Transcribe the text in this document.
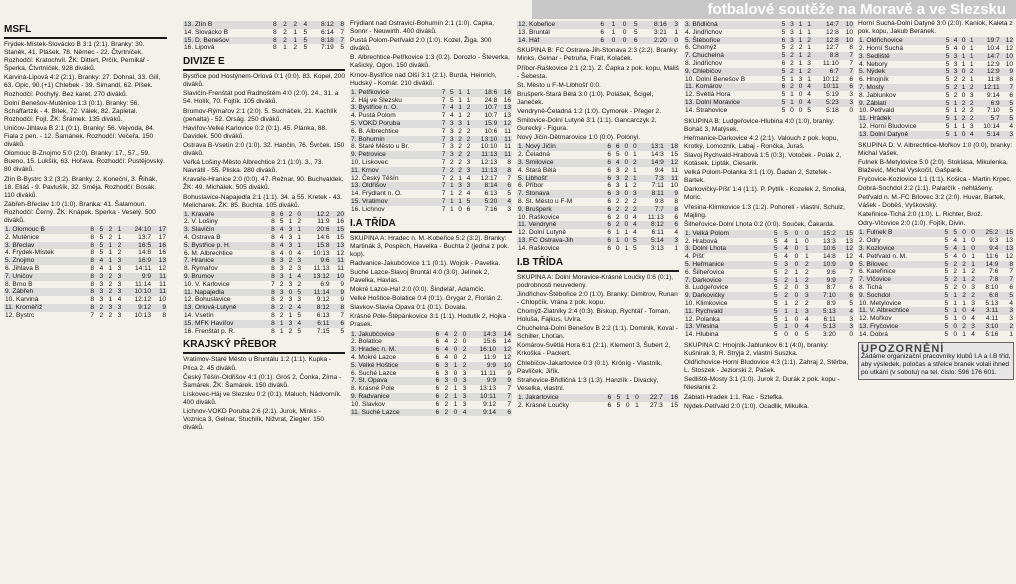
fotbalové soutěže na Moravě a ve Slezsku
MSFL

Frýdek-Místek-Slovácko B 3:1 (2:1). Branky: 30. Staněk, 41. Plášek, 78. Němec - 22. Čtvrtníček. Rozhodčí: Kratochvíl. ŽK: Dittert, Prčík, Pernikář - Šperka, Čtvrtníček. 928 diváků.

Karviná-Lipová 4:2 (2:1). Branky: 27. Dohnal, 33. Gill, 63. Opic, 90.(+1) Chlebek - 39. Simandl, 62. Plšek. Rozhodčí: Pochylý. Bez karet. 270 diváků.

Dolní Benešov-Mutěnice 1:3 (0:1). Branky: 56. Schaffartzik - 4. Bílek, 72. Válek, 82. Zapletal. Rozhodčí: Fojt. ŽK: Šrámek. 135 diváků.

Uničov-Jihlava B 2:1 (0:1). Branky: 56. Vejvoda, 84. Fiala z pen. - 12. Šamánek. Rozhodčí: Večeřa. 150 diváků.

Olomouc B-Znojmo 5:0 (2:0). Branky: 17., 57., 59. Bueno, 15. Lukšík, 63. Hořava. Rozhodčí: Pustějovský. 80 diváků.

Zlín B-Bystrc 3:2 (3:2). Branky: 2. Koneční, 3. Řihák, 18. Eliáš - 9. Pavlušík, 32. Směja. Rozhodčí: Bosák. 110 diváků.

Zábřeh-Břeclav 1:0 (1:0). Branka: 41. Šalamoun. Rozhodčí: Černý. ŽK: Knápek. Sperka - Veselý. 500 diváků.

1. Olomouc B	8	5	2	1	24:10	17
2. Mutěnice	8	5	2	1	13:7	17
3. Břeclav	8	5	1	2	16:5	16
4. Frýdek-Místek	8	5	1	2	14:8	16
5. Znojmo	8	4	1	3	16:9	13
6. Jihlava B	8	4	1	3	14:11	12
7. Uničov	8	3	2	3	9:9	11
8. Brno B	8	3	2	3	11:14	11
9. Zábřeh	8	3	2	3	10:10	11
10. Karviná	8	3	1	4	12:12	10
11. Kroměříž	8	2	3	3	9:12	9
12. Bystrc	7	2	2	3	10:13	8
13. Zlín B	8	2	2	4	8:12	8
14. Slovácko B	8	2	1	5	6:14	7
15. D. Benešov	8	2	1	5	8:18	7
16. Lipová	8	1	2	5	7:19	5
DIVIZE E

Bystřice pod Hostýnem-Orlová 0:1 (0:0). 83. Kopel, 200 diváků.

Slavičín-Frenštát pod Radhoštěm 4:0 (2:0). 24., 31. a 54. Holík, 70. Fojtík. 105 diváků.

Brumov-Rýmařov 2:1 (2:0). 5. Sucháček, 21. Kachlík (penalta) - 52. Orság. 250 diváků.

Havířov-Velké Karlovice 0:2 (0:1). 45. Plánka, 88. Davidek. 500 diváků.

Ostrava B-Vsetín 2:0 (1:0). 32. Hančin, 76. Švrček. 150 diváků.

Veřká Lošiny-Město Albrechtice 2:1 (1:0). 3., 73. Navrátil - 55. Pliska. 280 diváků.

Kravaře-Hranice 2:0 (0:0). 47. Režnar, 90. Buchvaldek. ŽK: 49. Michálek. 505 diváků.

Bohuslavice-Napajedla 2:1 (1:1). 34. a 55. Kretek - 43. Melicharek. ŽK: 85. Buchta. 105 diváků.

1. Kravaře	8	6	2	0	12:2	20
2. V. Lošiny	8	5	1	2	11:9	16
3. Slavičín	8	4	3	1	20:6	15
4. Ostrava B	8	4	3	1	14:6	15
5. Bystřice p. H.	8	4	3	1	15:8	13
6. M. Albrechtice	8	4	0	4	10:13	12
7. Hranice	8	3	2	3	9:6	11
8. Rýmařov	8	3	2	3	11:13	11
9. Brumov	8	3	1	4	13:12	10
10. V. Karlovice	7	2	3	2	6:9	9
11. Napajedla	8	3	0	5	11:14	9
12. Bohuslavice	8	2	3	3	9:12	9
13. Orlová-Lutyně	8	2	2	4	8:12	8
14. Vsetín	8	2	1	5	6:13	7
15. MFK Havířov	8	1	3	4	6:11	6
16. Frenštát p. R.	8	1	2	5	7:15	5
KRAJSKÝ PŘEBOR

Vratimov-Staré Město u Bruntálu 1:2 (1:1). Kupka - Plíca 2. 45 diváků.

Český Těšín-Oldřišov 4:1 (0:1). Groš 2, Čonka, Zíma - Šamárek. ŽK: Šamárek. 150 diváků.

Lískovec-Háj ve Slezsku 0:2 (0:1). Maluch, Nádvorník. 400 diváků.

Lichnov-VOKD Poruba 2:6 (2:1). Jurok, Minks - Voznica 3, Gelnar, Stuchlík, Nižvrat, Ziegler. 150 diváků.

Frýdlant nad Ostravicí-Bohumín 2:1 (1:0). Čapka, Sonnr - Neuwirth. 400 diváků.

Pustá Polom-Petřvald 2:0 (1:0). Kozel, Žiga. 300 diváků.

B. Albrechtice-Petřkovice 1:3 (0:2). Dorozlo - Števerka, Kašický, Ogon. 150 diváků.

Krnov-Bystřice nad Olší 3:1 (2:1). Burda, Heinrich, Hudský - Komár. 210 diváků.

1. Petřkovice	7	5	1	1	18:6	16
2. Háj ve Slezsku	7	5	1	1	24:8	16
3. Bystřice n. O.	7	4	1	2	10:7	13
4. Pustá Polom	7	4	1	2	10:7	13
5. VOKD Poruba	7	3	3	1	15:9	12
6. B. Albrechtice	7	3	2	2	10:6	11
7. Bohumín	7	3	2	2	13:10	11
8. Staré Město u Br.	7	3	2	2	10:10	11
9. Petrovice	7	3	2	2	11:13	11
10. Lískovec	7	2	2	3	12:13	8
11. Krnov	7	2	2	3	11:13	8
12. Český Těšín	7	2	1	4	12:17	7
13. Oldřišov	7	1	3	3	8:14	6
14. Frýdlant n. O.	7	1	2	4	6:13	5
15. Vratimov	7	1	1	5	5:20	4
16. Lichnov	7	1	0	6	7:16	3
I.A TŘÍDA

SKUPINA A: Hradec n. M.-Kobeřice 5:2 (3:2). Branky: Martinák 3, Pospěch, Havelka - Buchta 2 (jedna z pok. kop).

Radvanice-Jakubčovice 1:1 (0:1). Wojcik - Pavelka.

Suché Lazce-Slavoj Bruntál 4:0 (3:0). Jelínek 2, Pavelka, Havlas.

Mokré Lazce-Ha! 2:0 (0:0). Šindelář, Adamčíc.

Velké Hoštice-Bolatice 0:4 (0:1). Grygar 2, Florián 2.

Slavkov-Slavia Opava 0:1 (0:1). Dovala.

Krásné Pole-Štěpánkovice 3:1 (1:1). Hodulík 2, Hojka - Prasek.

1. Jakubčovice	6	4	2	0	14:3	14
2. Bolatice	6	4	2	0	15:6	14
3. Hradec n. M.	6	4	0	2	16:10	12
4. Mokré Lazce	6	4	0	2	11:9	12
5. Velké Hoštice	6	3	1	2	9:9	10
6. Suché Lazce	6	3	0	3	11:11	9
7. Sl. Opava	6	3	0	3	9:9	9
8. Krásné Pole	6	2	1	3	13:13	7
9. Radvanice	6	2	1	3	10:11	7
10. Slavkov	6	2	1	3	9:12	7
11. Suché Lazce	6	2	0	4	9:14	6
12. Kobeřice	6	1	0	5	8:16	3
13. Bruntál	6	1	0	5	3:21	1
14. Háf	6	0	0	6	2:20	0

SKUPINA B: FC Ostrava-Jih-Stonava 2:3 (2:2). Branky: Minks, Gelnar - Petruňa, Frait, Kolaček.

Příbor-Raškovice 2:1 (2:1). Z. Čapka z pok. kopu, Mališ - Šebesta.

St. Město u F-M-Libhošť 0:0.

Brušperk-Stará Bělá 3:0 (1:0). Polášek, Šcigel, Janeček.

Vendryně-Čeladná 1:2 (1:0). Cymorek - Přeger 2.

Smilovice-Dolní Lutyně 3:1 (1:1). Gancarczyk 2, Gurecký - Figura.

Nový Jičín-Dětmarovice 1:0 (0:0). Polónyi.

1. Nový Jičín	6	6	0	0	13:1	18
2. Čeladná	6	5	0	1	14:3	15
3. Smilovice	6	4	0	2	14:9	12
4. Stará Bělá	6	3	2	1	9:4	11
5. Libhošť	6	3	2	1	7:3	11
6. Příbor	6	3	1	2	7:11	10
7. Stonava	6	3	0	3	8:11	9
8. St. Město u F-M	6	2	2	2	9:8	8
9. Brušperk	6	2	2	2	7:7	8
10. Raškovice	6	2	0	4	11:13	6
11. Vendryně	6	2	0	4	8:12	6
12. Dolní Lutyně	6	1	1	4	6:11	4
13. FC Ostrava-Jih	6	1	0	5	5:14	3
14. Raškovice	6	0	1	5	3:13	1
I.B TŘÍDA

SKUPINA A: Dolní Moravice-Krásné Loučky 0:6 (0:1), podrobnosti neuvedeny.

Jindřichov-Štěbořice 2:0 (1:0). Branky: Dimitrov, Runan - Chlopčík. Vrána z pok. kopu.

Chomýž-Zlatníky 2:4 (0:3). Biskup, Rychtář - Toman, Holuša, Fajkus, Uvíra.

Chuchelná-Dolní Benešov B 2:2 (1:1). Dominik, Koval - Schiller, Lhoťan.

Komárov-Světlá Hora 6:1 (2:1). Klement 3, Šubert 2, Krkoška - Packert.

Chlebičov-Jakartovice 0:3 (0:1). Króníg - Vlastník, Pavlíček, Jiřík.

Strahovice-Břidličná 1:3 (1:3). Hanzlík - Divacký, Veselka, vlastní.

1. Jakartovice	6	5	1	0	22:7	16
2. Krásné Loučky	6	5	0	1	27:3	15
3. Břidličná	5	3	1	1	14:7	10
4. Jindřichov	5	3	1	1	12:8	10
5. Štěbořice	6	3	1	2	12:8	10
6. Chomýž	5	2	2	1	12:7	8
7. Chuchelná	5	2	1	2	8:8	7
8. Jindřichov	6	2	1	3	11:10	7
9. Chlebičov	5	2	1	2	6:7	7
10. Dolní Benešov B	5	1	3	1	10:12	6
11. Komárov	6	2	0	4	10:11	6
12. Světlá Hora	5	1	0	4	5:19	3
13. Dolní Moravice	5	1	0	4	5:23	3
14. Strahovice	5	0	0	5	5:18	0

SKUPINA B: Ludgeřovice-Hlubina 4:0 (1:0), branky: Boháč 3, Matýsek.

Heřmanice-Darkovice 4:2 (2:1). Valouch z pok. kopu, Krotký, Lomozník, Labaj - Rončka, Juraš.

Slavoj Rychvald-Hrabová 1:5 (0:3). Votoček - Polák 2, Kotásek, Lipták, Ciesarik.

Velká Polom-Polanka 3:1 (1:0). Ďadan 2, Sztefek - Bartek.

Darkovičky-Píšť 1:4 (1:1). P. Pytlík - Kozelek 2, Smolka, Moric.

Vřesina-Klimkovice 1:3 (1:2). Pohorelí - vlastní, Schulz, Majling.

Šilheřovice-Dolní Lhota 0:2 (0:0). Souček, Čakarda.

1. Velká Polom	5	5	0	0	15:2	15
2. Hrabová	5	4	1	0	13:3	13
3. Dolní Lhota	5	4	0	1	10:6	12
4. Píšť	5	4	0	1	14:8	12
5. Heřmanice	5	3	0	2	10:9	9
6. Šilheřovice	5	2	1	2	9:6	7
7. Darkovice	5	2	1	2	9:9	7
8. Ludgeřovice	5	2	0	3	8:7	6
9. Darkovičky	5	2	0	3	7:10	6
10. Klimkovice	5	1	2	2	8:9	5
11. Rychvald	5	1	1	3	5:13	4
12. Polanka	5	1	0	4	6:11	3
13. Vřesina	5	1	0	4	5:13	3
14. Hlubina	5	0	0	5	3:20	0

SKUPINA C: Hnojník-Jablunkov 6:1 (4:0), branky: Kušnirak 3, R. Strýja 2, vlastní Suszka.

Oldřichovice-Horní Bludovice 4:3 (1:1). Zahraj 2, Stěrba, L. Stoszek - Jeziorski 2, Pašek.

Sedliště-Mosty 3:1 (1:0). Jurok 2, Durák z pok. kopu - Niesłaniк 2.

Záblatí-Hradek 1:1. Rac - Sztefka.

Nýdek-Petřvald 2:0 (1:0). Ocadlik, Mikulka.

Horní Suchá-Dolní Datyně 3:0 (2:0). Kaniok, Kaleta z pok. kopu, Jakub Beránek.

1. Oldřichovice	5	4	0	1	19:7	12
2. Horní Suchá	5	4	0	1	10:4	12
3. Sedliště	5	3	1	1	14:7	10
4. Nebory	5	3	1	1	12:9	10
5. Nýdek	5	3	0	2	12:9	9
6. Hnojník	5	2	2	1	11:8	8
7. Mosty	5	2	1	2	12:11	7
8. Jablunkov	5	2	0	3	9:14	6
9. Záblatí	5	1	2	2	6:9	5
10. Petřvald	5	1	2	2	7:10	5
11. Hrádek	5	1	2	2	5:7	5
12. Horní Bludovice	5	1	1	3	10:14	4
13. Dolní Datyně	5	1	0	4	5:14	3

SKUPINA D: V. Albrechtice-Mořkov 1:0 (0:0), branky: Michal Vašek.

Fulnek B-Metylovice 5:0 (2:0). Stoklasa, Mikulenka, Blažević, Michal Vyskočil, Gašparik.

Fryčovice-Kozlovice 1:1 (1:1). Košica - Martin Krpec.

Dobrá-Sochdol 2:2 (1:1). Palarčík - nehlášeny.

Petřvald n. M.-FC Bílovec 3:2 (2:0). Huvar, Bartek, Vášek - Doběš, Vyškovský.

Kateřinice-Tichá 2:0 (1:0). L. Richter, Brož.

Odry-Vlčovice 2:0 (1:0). Fojtík, Divin.

1. Fulnek B	5	5	0	0	25:2	15
2. Odry	5	4	1	0	9:3	13
3. Kozlovice	5	4	1	0	9:4	13
4. Petřvald n. M.	5	4	0	1	11:6	12
5. Bílovec	5	2	2	1	14:9	8
6. Kateřinice	5	2	1	2	7:6	7
7. Vlčovice	5	2	1	2	7:8	7
8. Tichá	5	2	0	3	8:10	6
9. Sochdol	5	1	2	2	6:8	5
10. Metylovice	5	1	1	3	5:13	4
11. V. Albrechtice	5	1	0	4	3:11	3
12. Mořkov	5	1	0	4	4:11	3
13. Fryčovice	5	0	2	3	3:10	2
14. Dobrá	5	0	1	4	5:16	1
UPOZORNĚNÍ
Žádáme organizační pracovníky klubů I.A a I.B tříd, aby výsledek, poločas a střelce branek volali ihned po utkání (v sobotu) na tel. číslo: 596 176 601.
